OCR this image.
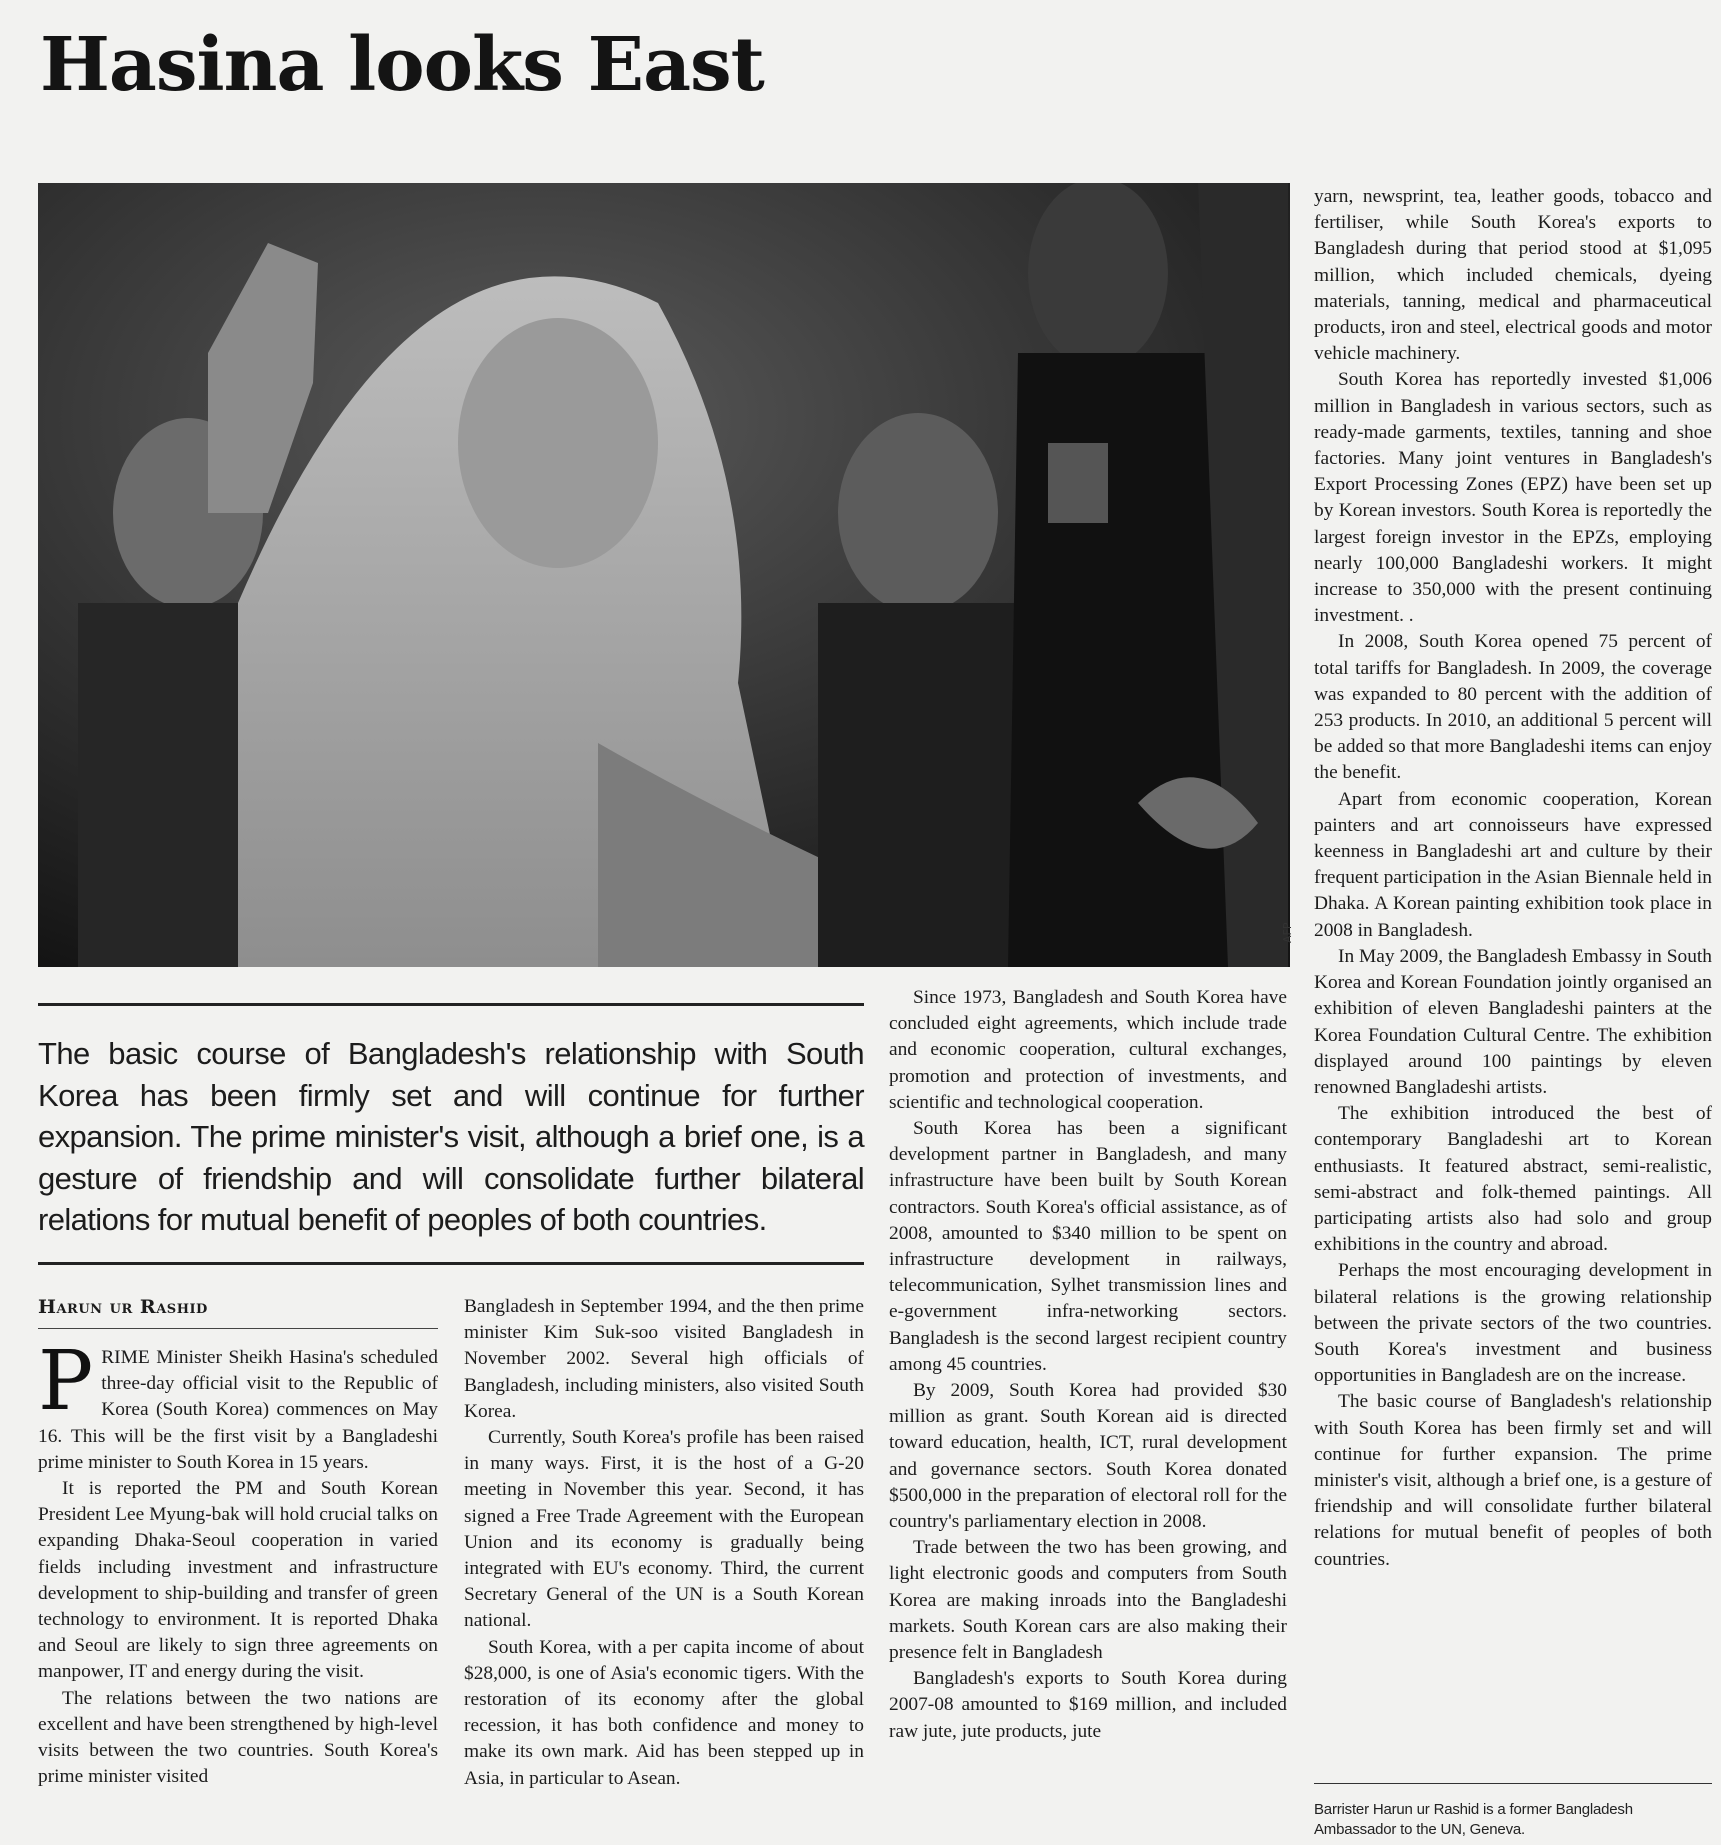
Hasina looks East
AFP
The basic course of Bangladesh's relationship with South Korea has been firmly set and will continue for further expansion. The prime minister's visit, although a brief one, is a gesture of friendship and will consolidate further bilateral relations for mutual benefit of peoples of both countries.
Harun ur Rashid

PRIME Minister Sheikh Hasina's scheduled three-day official visit to the Republic of Korea (South Korea) commences on May 16. This will be the first visit by a Bangladeshi prime minister to South Korea in 15 years.

It is reported the PM and South Korean President Lee Myung-bak will hold crucial talks on expanding Dhaka-Seoul cooperation in varied fields including investment and infrastructure development to ship-building and transfer of green technology to environment. It is reported Dhaka and Seoul are likely to sign three agreements on manpower, IT and energy during the visit.

The relations between the two nations are excellent and have been strengthened by high-level visits between the two countries. South Korea's prime minister visited

Bangladesh in September 1994, and the then prime minister Kim Suk-soo visited Bangladesh in November 2002. Several high officials of Bangladesh, including ministers, also visited South Korea.

Currently, South Korea's profile has been raised in many ways. First, it is the host of a G-20 meeting in November this year. Second, it has signed a Free Trade Agreement with the European Union and its economy is gradually being integrated with EU's economy. Third, the current Secretary General of the UN is a South Korean national.

South Korea, with a per capita income of about $28,000, is one of Asia's economic tigers. With the restoration of its economy after the global recession, it has both confidence and money to make its own mark. Aid has been stepped up in Asia, in particular to Asean.

Since 1973, Bangladesh and South Korea have concluded eight agreements, which include trade and economic cooperation, cultural exchanges, promotion and protection of investments, and scientific and technological cooperation.

South Korea has been a significant development partner in Bangladesh, and many infrastructure have been built by South Korean contractors. South Korea's official assistance, as of 2008, amounted to $340 million to be spent on infrastructure development in railways, telecommunication, Sylhet transmission lines and e-government infra-networking sectors. Bangladesh is the second largest recipient country among 45 countries.

By 2009, South Korea had provided $30 million as grant. South Korean aid is directed toward education, health, ICT, rural development and governance sectors. South Korea donated $500,000 in the preparation of electoral roll for the country's parliamentary election in 2008.

Trade between the two has been growing, and light electronic goods and computers from South Korea are making inroads into the Bangladeshi markets. South Korean cars are also making their presence felt in Bangladesh

Bangladesh's exports to South Korea during 2007-08 amounted to $169 million, and included raw jute, jute products, jute

yarn, newsprint, tea, leather goods, tobacco and fertiliser, while South Korea's exports to Bangladesh during that period stood at $1,095 million, which included chemicals, dyeing materials, tanning, medical and pharmaceutical products, iron and steel, electrical goods and motor vehicle machinery.

South Korea has reportedly invested $1,006 million in Bangladesh in various sectors, such as ready-made garments, textiles, tanning and shoe factories. Many joint ventures in Bangladesh's Export Processing Zones (EPZ) have been set up by Korean investors. South Korea is reportedly the largest foreign investor in the EPZs, employing nearly 100,000 Bangladeshi workers. It might increase to 350,000 with the present continuing investment. .

In 2008, South Korea opened 75 percent of total tariffs for Bangladesh. In 2009, the coverage was expanded to 80 percent with the addition of 253 products. In 2010, an additional 5 percent will be added so that more Bangladeshi items can enjoy the benefit.

Apart from economic cooperation, Korean painters and art connoisseurs have expressed keenness in Bangladeshi art and culture by their frequent participation in the Asian Biennale held in Dhaka. A Korean painting exhibition took place in 2008 in Bangladesh.

In May 2009, the Bangladesh Embassy in South Korea and Korean Foundation jointly organised an exhibition of eleven Bangladeshi painters at the Korea Foundation Cultural Centre. The exhibition displayed around 100 paintings by eleven renowned Bangladeshi artists.

The exhibition introduced the best of contemporary Bangladeshi art to Korean enthusiasts. It featured abstract, semi-realistic, semi-abstract and folk-themed paintings. All participating artists also had solo and group exhibitions in the country and abroad.

Perhaps the most encouraging development in bilateral relations is the growing relationship between the private sectors of the two countries. South Korea's investment and business opportunities in Bangladesh are on the increase.

The basic course of Bangladesh's relationship with South Korea has been firmly set and will continue for further expansion. The prime minister's visit, although a brief one, is a gesture of friendship and will consolidate further bilateral relations for mutual benefit of peoples of both countries.

Barrister Harun ur Rashid is a former Bangladesh Ambassador to the UN, Geneva.
